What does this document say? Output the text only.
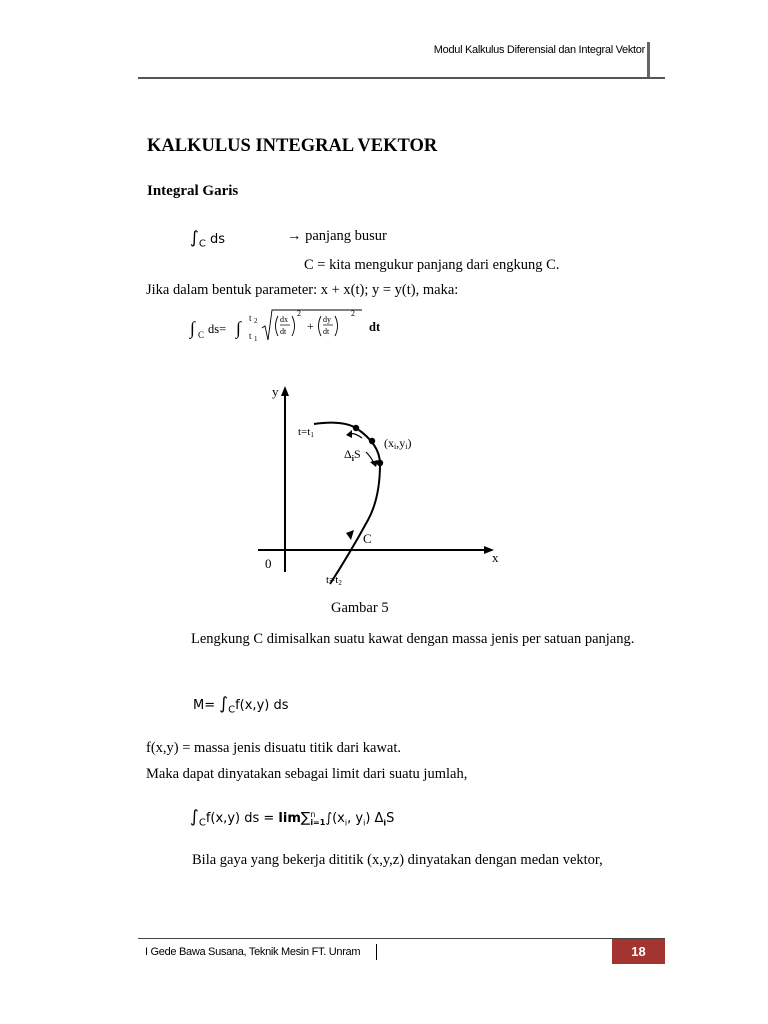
Modul Kalkulus Diferensial dan Integral Vektor
KALKULUS INTEGRAL VEKTOR
Integral Garis
$\int_C$ ds	→ panjang busur
C = kita mengukur panjang dari engkung C.
Jika dalam bentuk parameter: x + x(t); y = y(t), maka:
∫ C ds= ∫ t 2
t 1
dx
dt
2
+ dy
dt
2
dt
y
x
0
t=t1
(xi,yi)
$\Delta_iS$
C
t=t2
Gambar 5
Lengkung C dimisalkan suatu kawat dengan massa jenis per satuan panjang.
$M= \int_Cf(x,y)$ ds
f(x,y) = massa jenis disuatu titik dari kawat.
Maka dapat dinyatakan sebagai limit dari suatu jumlah,
$\int_Cf(x,y)$ ds = lim∑n
$i=1\int(x_i$, $y_i$) $\Delta_iS$
Bila gaya yang bekerja dititik (x,y,z) dinyatakan dengan medan vektor,
I Gede Bawa Susana, Teknik Mesin FT. Unram	18
